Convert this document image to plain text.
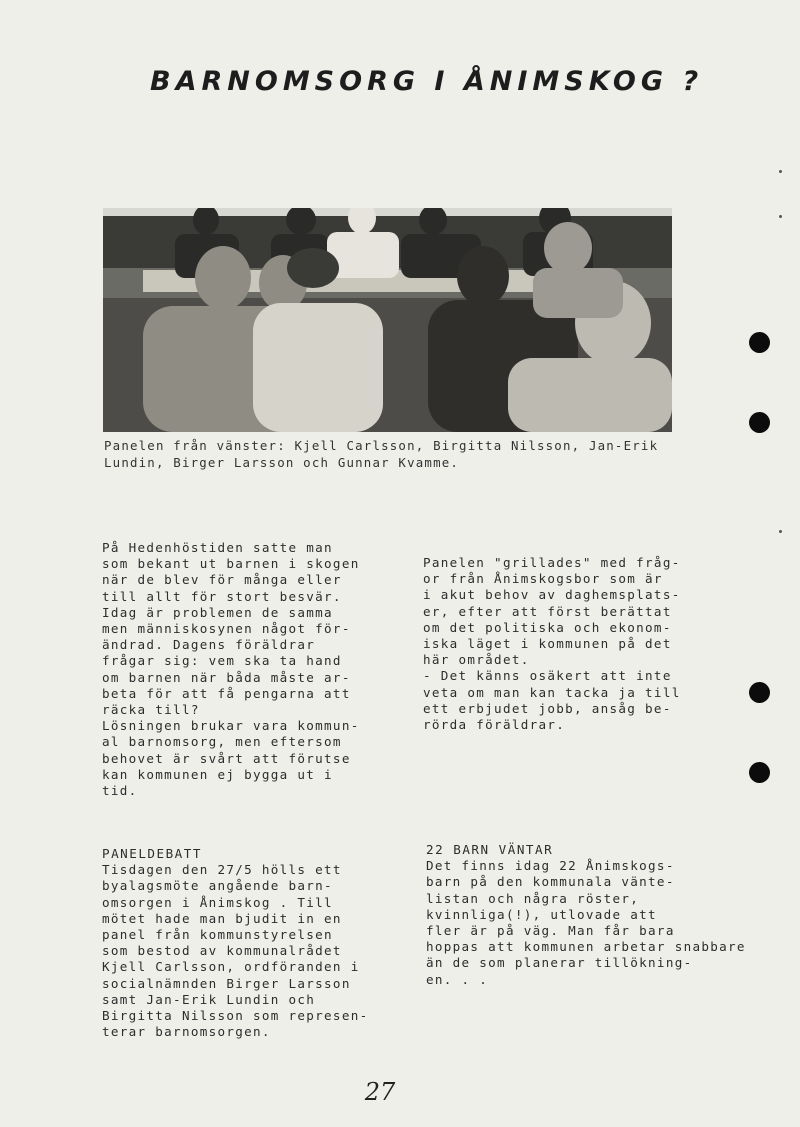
BARNOMSORG I ÅNIMSKOG ?
Panelen från vänster: Kjell Carlsson, Birgitta Nilsson, Jan-Erik Lundin, Birger Larsson och Gunnar Kvamme.

På Hedenhöstiden satte man
som bekant ut barnen i skogen
när de blev för många eller
till allt för stort besvär.
Idag är problemen de samma
men människosynen något för-
ändrad. Dagens föräldrar
frågar sig: vem ska ta hand
om barnen när båda måste ar-
beta för att få pengarna att
räcka till?
Lösningen brukar vara kommun-
al barnomsorg, men eftersom
behovet är svårt att förutse
kan kommunen ej bygga ut i
tid.

Panelen "grillades" med fråg-
or från Ånimskogsbor som är
i akut behov av daghemsplats-
er, efter att först berättat
om det politiska och ekonom-
iska läget i kommunen på det
här området.
- Det känns osäkert att inte
veta om man kan tacka ja till
ett erbjudet jobb, ansåg be-
rörda föräldrar.

PANELDEBATT

Tisdagen den 27/5 hölls ett
byalagsmöte angående barn-
omsorgen i Ånimskog . Till
mötet hade man bjudit in en
panel från kommunstyrelsen
som bestod av kommunalrådet
Kjell Carlsson, ordföranden i
socialnämnden Birger Larsson
samt Jan-Erik Lundin och
Birgitta Nilsson som represen-
terar barnomsorgen.

22 BARN VÄNTAR

Det finns idag 22 Ånimskogs-
barn på den kommunala vänte-
listan och några röster,
kvinnliga(!), utlovade att
fler är på väg. Man får bara
hoppas att kommunen arbetar snabbare
än de som planerar tillökning-
en. . .

27
